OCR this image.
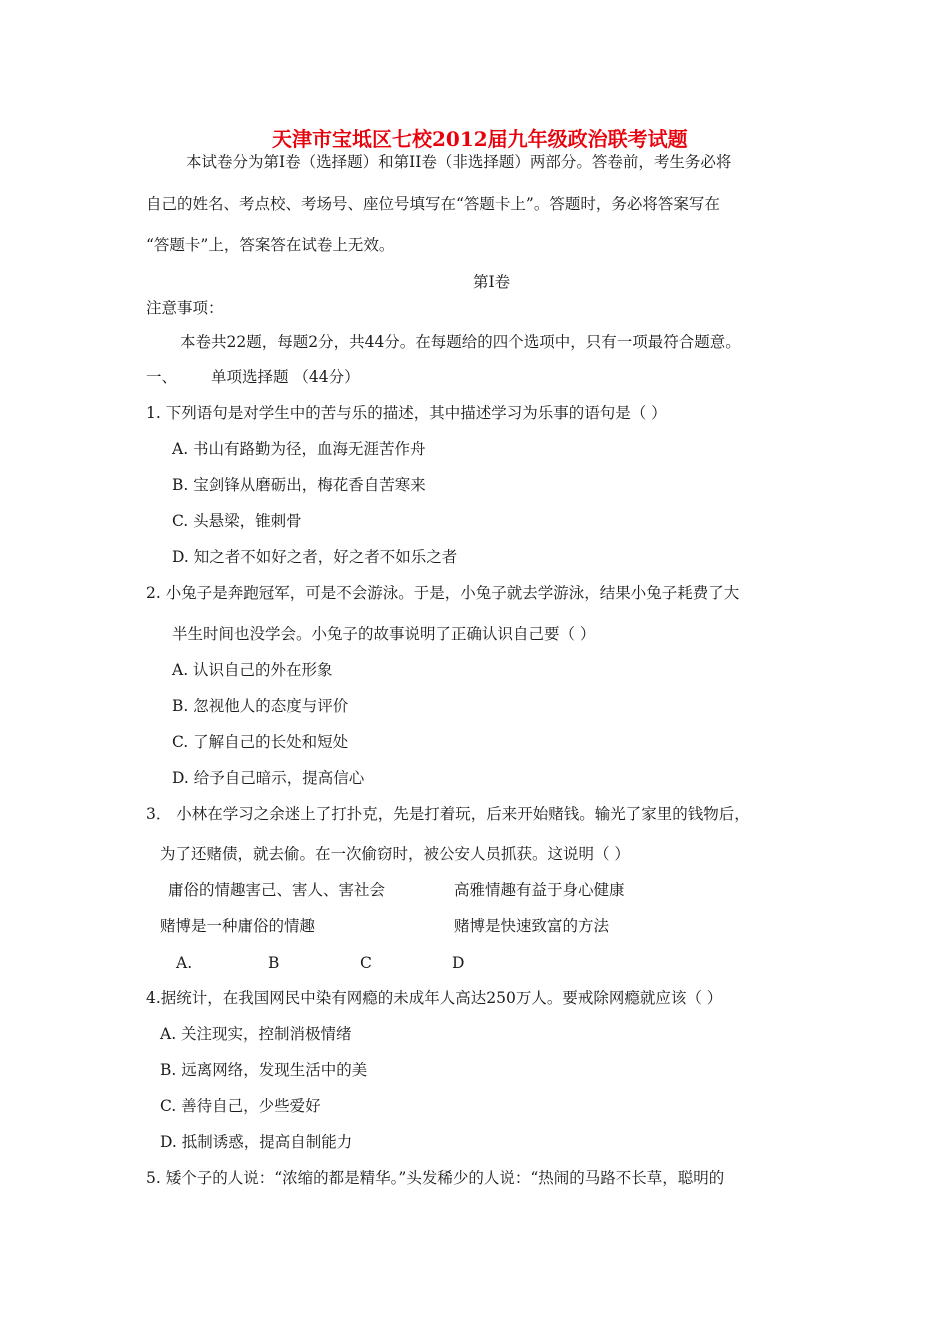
天津市宝坻区七校2012届九年级政治联考试题
本试卷分为第I卷（选择题）和第II卷（非选择题）两部分。答卷前，考生务必将
自己的姓名、考点校、考场号、座位号填写在“答题卡上”。答题时，务必将答案写在
“答题卡”上，答案答在试卷上无效。
第I卷
注意事项：
本卷共22题，每题2分，共44分。在每题给的四个选项中，只有一项最符合题意。
一、 单项选择题 （44分）
1. 下列语句是对学生中的苦与乐的描述，其中描述学习为乐事的语句是（ ）
A. 书山有路勤为径，血海无涯苦作舟
B. 宝剑锋从磨砺出，梅花香自苦寒来
C. 头悬梁，锥刺骨
D. 知之者不如好之者，好之者不如乐之者
2. 小兔子是奔跑冠军，可是不会游泳。于是，小兔子就去学游泳，结果小兔子耗费了大
半生时间也没学会。小兔子的故事说明了正确认识自己要（ ）
A. 认识自己的外在形象
B. 忽视他人的态度与评价
C. 了解自己的长处和短处
D. 给予自己暗示，提高信心
3． 小林在学习之余迷上了打扑克，先是打着玩，后来开始赌钱。输光了家里的钱物后，
为了还赌债，就去偷。在一次偷窃时，被公安人员抓获。这说明（ ）
庸俗的情趣害己、害人、害社会	高雅情趣有益于身心健康
赌博是一种庸俗的情趣	赌博是快速致富的方法
A.	B	C	D
4.据统计，在我国网民中染有网瘾的未成年人高达250万人。要戒除网瘾就应该（ ）
A. 关注现实，控制消极情绪
B. 远离网络，发现生活中的美
C. 善待自己，少些爱好
D. 抵制诱惑，提高自制能力
5. 矮个子的人说：“浓缩的都是精华。”头发稀少的人说：“热闹的马路不长草，聪明的
